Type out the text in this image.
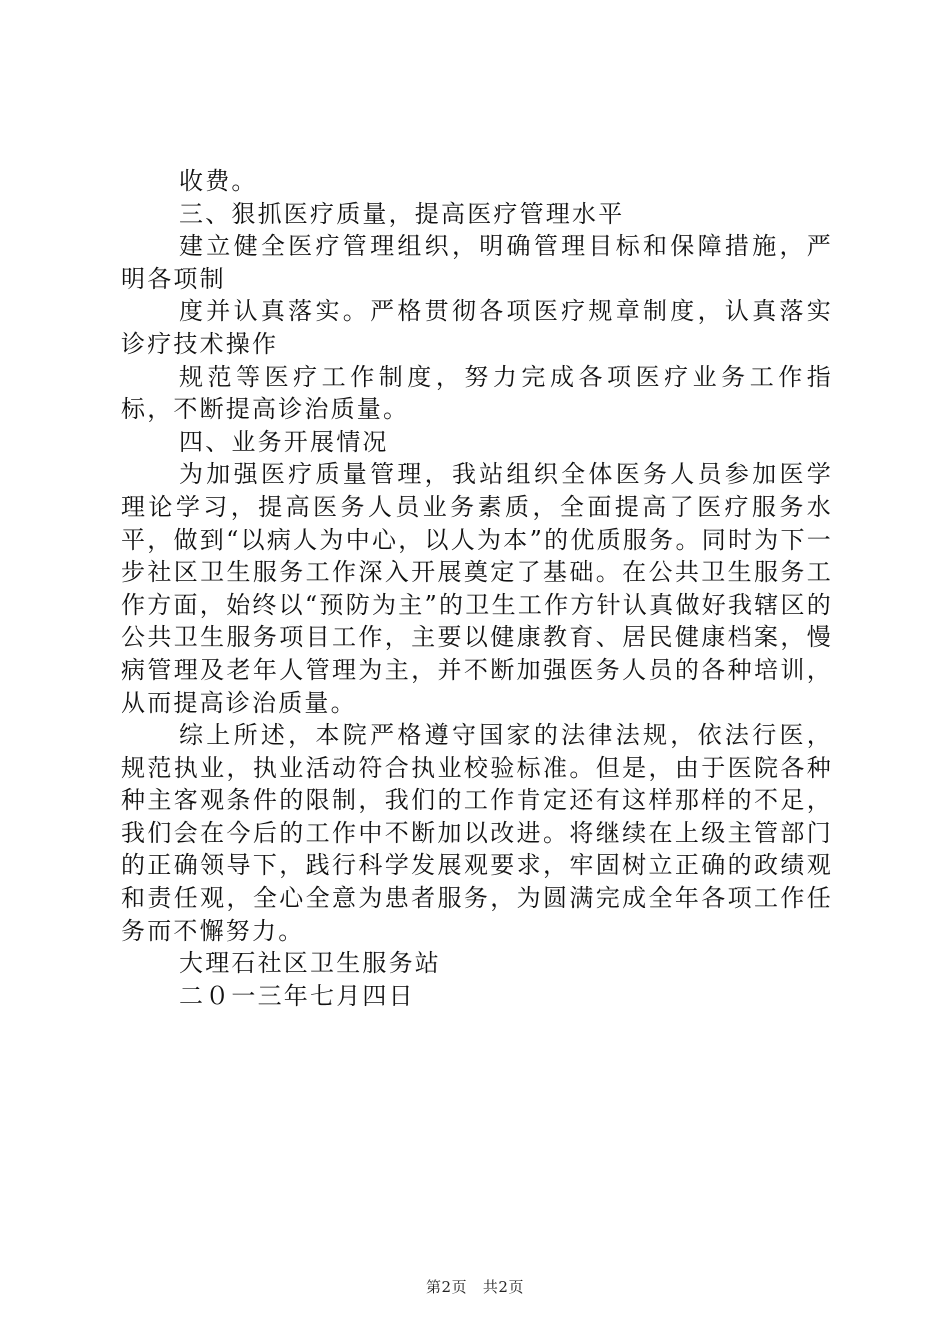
收费。

三、狠抓医疗质量，提高医疗管理水平

建立健全医疗管理组织，明确管理目标和保障措施，严明各项制

度并认真落实。严格贯彻各项医疗规章制度，认真落实诊疗技术操作

规范等医疗工作制度，努力完成各项医疗业务工作指标，不断提高诊治质量。

四、业务开展情况

为加强医疗质量管理，我站组织全体医务人员参加医学理论学习，提高医务人员业务素质，全面提高了医疗服务水平，做到“以病人为中心，以人为本”的优质服务。同时为下一步社区卫生服务工作深入开展奠定了基础。在公共卫生服务工作方面，始终以“预防为主”的卫生工作方针认真做好我辖区的公共卫生服务项目工作，主要以健康教育、居民健康档案，慢病管理及老年人管理为主，并不断加强医务人员的各种培训，从而提高诊治质量。

综上所述，本院严格遵守国家的法律法规，依法行医，规范执业，执业活动符合执业校验标准。但是，由于医院各种种主客观条件的限制，我们的工作肯定还有这样那样的不足，我们会在今后的工作中不断加以改进。将继续在上级主管部门的正确领导下，践行科学发展观要求，牢固树立正确的政绩观和责任观，全心全意为患者服务，为圆满完成全年各项工作任务而不懈努力。

大理石社区卫生服务站

二０一三年七月四日

第2页 共2页
